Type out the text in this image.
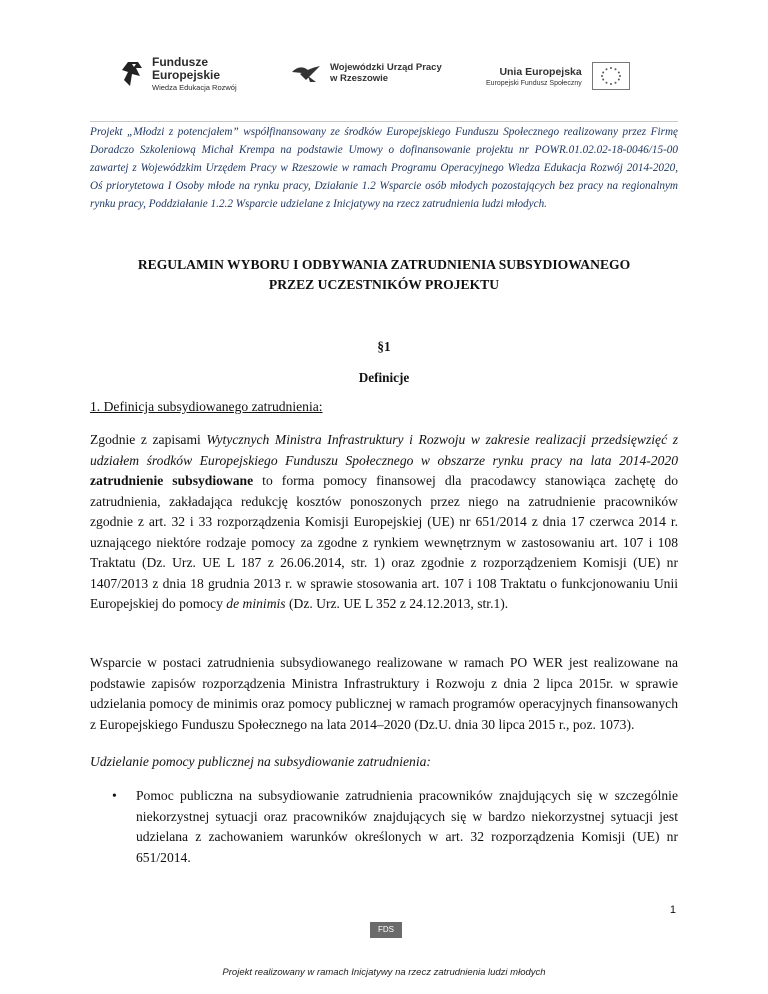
Fundusze
Europejskie
Wiedza Edukacja Rozwój
Wojewódzki Urząd Pracy
w Rzeszowie
Unia Europejska
Europejski Fundusz Społeczny
Projekt „Młodzi z potencjałem” współfinansowany ze środków Europejskiego Funduszu Społecznego realizowany przez Firmę Doradczo Szkoleniową Michał Krempa na podstawie Umowy o dofinansowanie projektu nr POWR.01.02.02-18-0046/15-00 zawartej z Wojewódzkim Urzędem Pracy w Rzeszowie w ramach Programu Operacyjnego Wiedza Edukacja Rozwój 2014-2020, Oś priorytetowa I Osoby młode na rynku pracy, Działanie 1.2 Wsparcie osób młodych pozostających bez pracy na regionalnym rynku pracy, Poddziałanie 1.2.2 Wsparcie udzielane z Inicjatywy na rzecz zatrudnienia ludzi młodych.
REGULAMIN WYBORU I ODBYWANIA ZATRUDNIENIA SUBSYDIOWANEGO
PRZEZ UCZESTNIKÓW PROJEKTU
§1
Definicje
1. Definicja subsydiowanego zatrudnienia:
Zgodnie z zapisami Wytycznych Ministra Infrastruktury i Rozwoju w zakresie realizacji przedsięwzięć z udziałem środków Europejskiego Funduszu Społecznego w obszarze rynku pracy na lata 2014-2020 zatrudnienie subsydiowane to forma pomocy finansowej dla pracodawcy stanowiąca zachętę do zatrudnienia, zakładająca redukcję kosztów ponoszonych przez niego na zatrudnienie pracowników zgodnie z art. 32 i 33 rozporządzenia Komisji Europejskiej (UE) nr 651/2014 z dnia 17 czerwca 2014 r. uznającego niektóre rodzaje pomocy za zgodne z rynkiem wewnętrznym w zastosowaniu art. 107 i 108 Traktatu (Dz. Urz. UE L 187 z 26.06.2014, str. 1) oraz zgodnie z rozporządzeniem Komisji (UE) nr 1407/2013 z dnia 18 grudnia 2013 r. w sprawie stosowania art. 107 i 108 Traktatu o funkcjonowaniu Unii Europejskiej do pomocy de minimis (Dz. Urz. UE L 352 z 24.12.2013, str.1).
Wsparcie w postaci zatrudnienia subsydiowanego realizowane w ramach PO WER jest realizowane na podstawie zapisów rozporządzenia Ministra Infrastruktury i Rozwoju z dnia 2 lipca 2015r. w sprawie udzielania pomocy de minimis oraz pomocy publicznej w ramach programów operacyjnych finansowanych z Europejskiego Funduszu Społecznego na lata 2014–2020 (Dz.U. dnia 30 lipca 2015 r., poz. 1073).
Udzielanie pomocy publicznej na subsydiowanie zatrudnienia:
•	Pomoc publiczna na subsydiowanie zatrudnienia pracowników znajdujących się w szczególnie niekorzystnej sytuacji oraz pracowników znajdujących się w bardzo niekorzystnej sytuacji jest udzielana z zachowaniem warunków określonych w art. 32 rozporządzenia Komisji (UE) nr 651/2014.
1
FDS
Projekt realizowany w ramach Inicjatywy na rzecz zatrudnienia ludzi młodych
